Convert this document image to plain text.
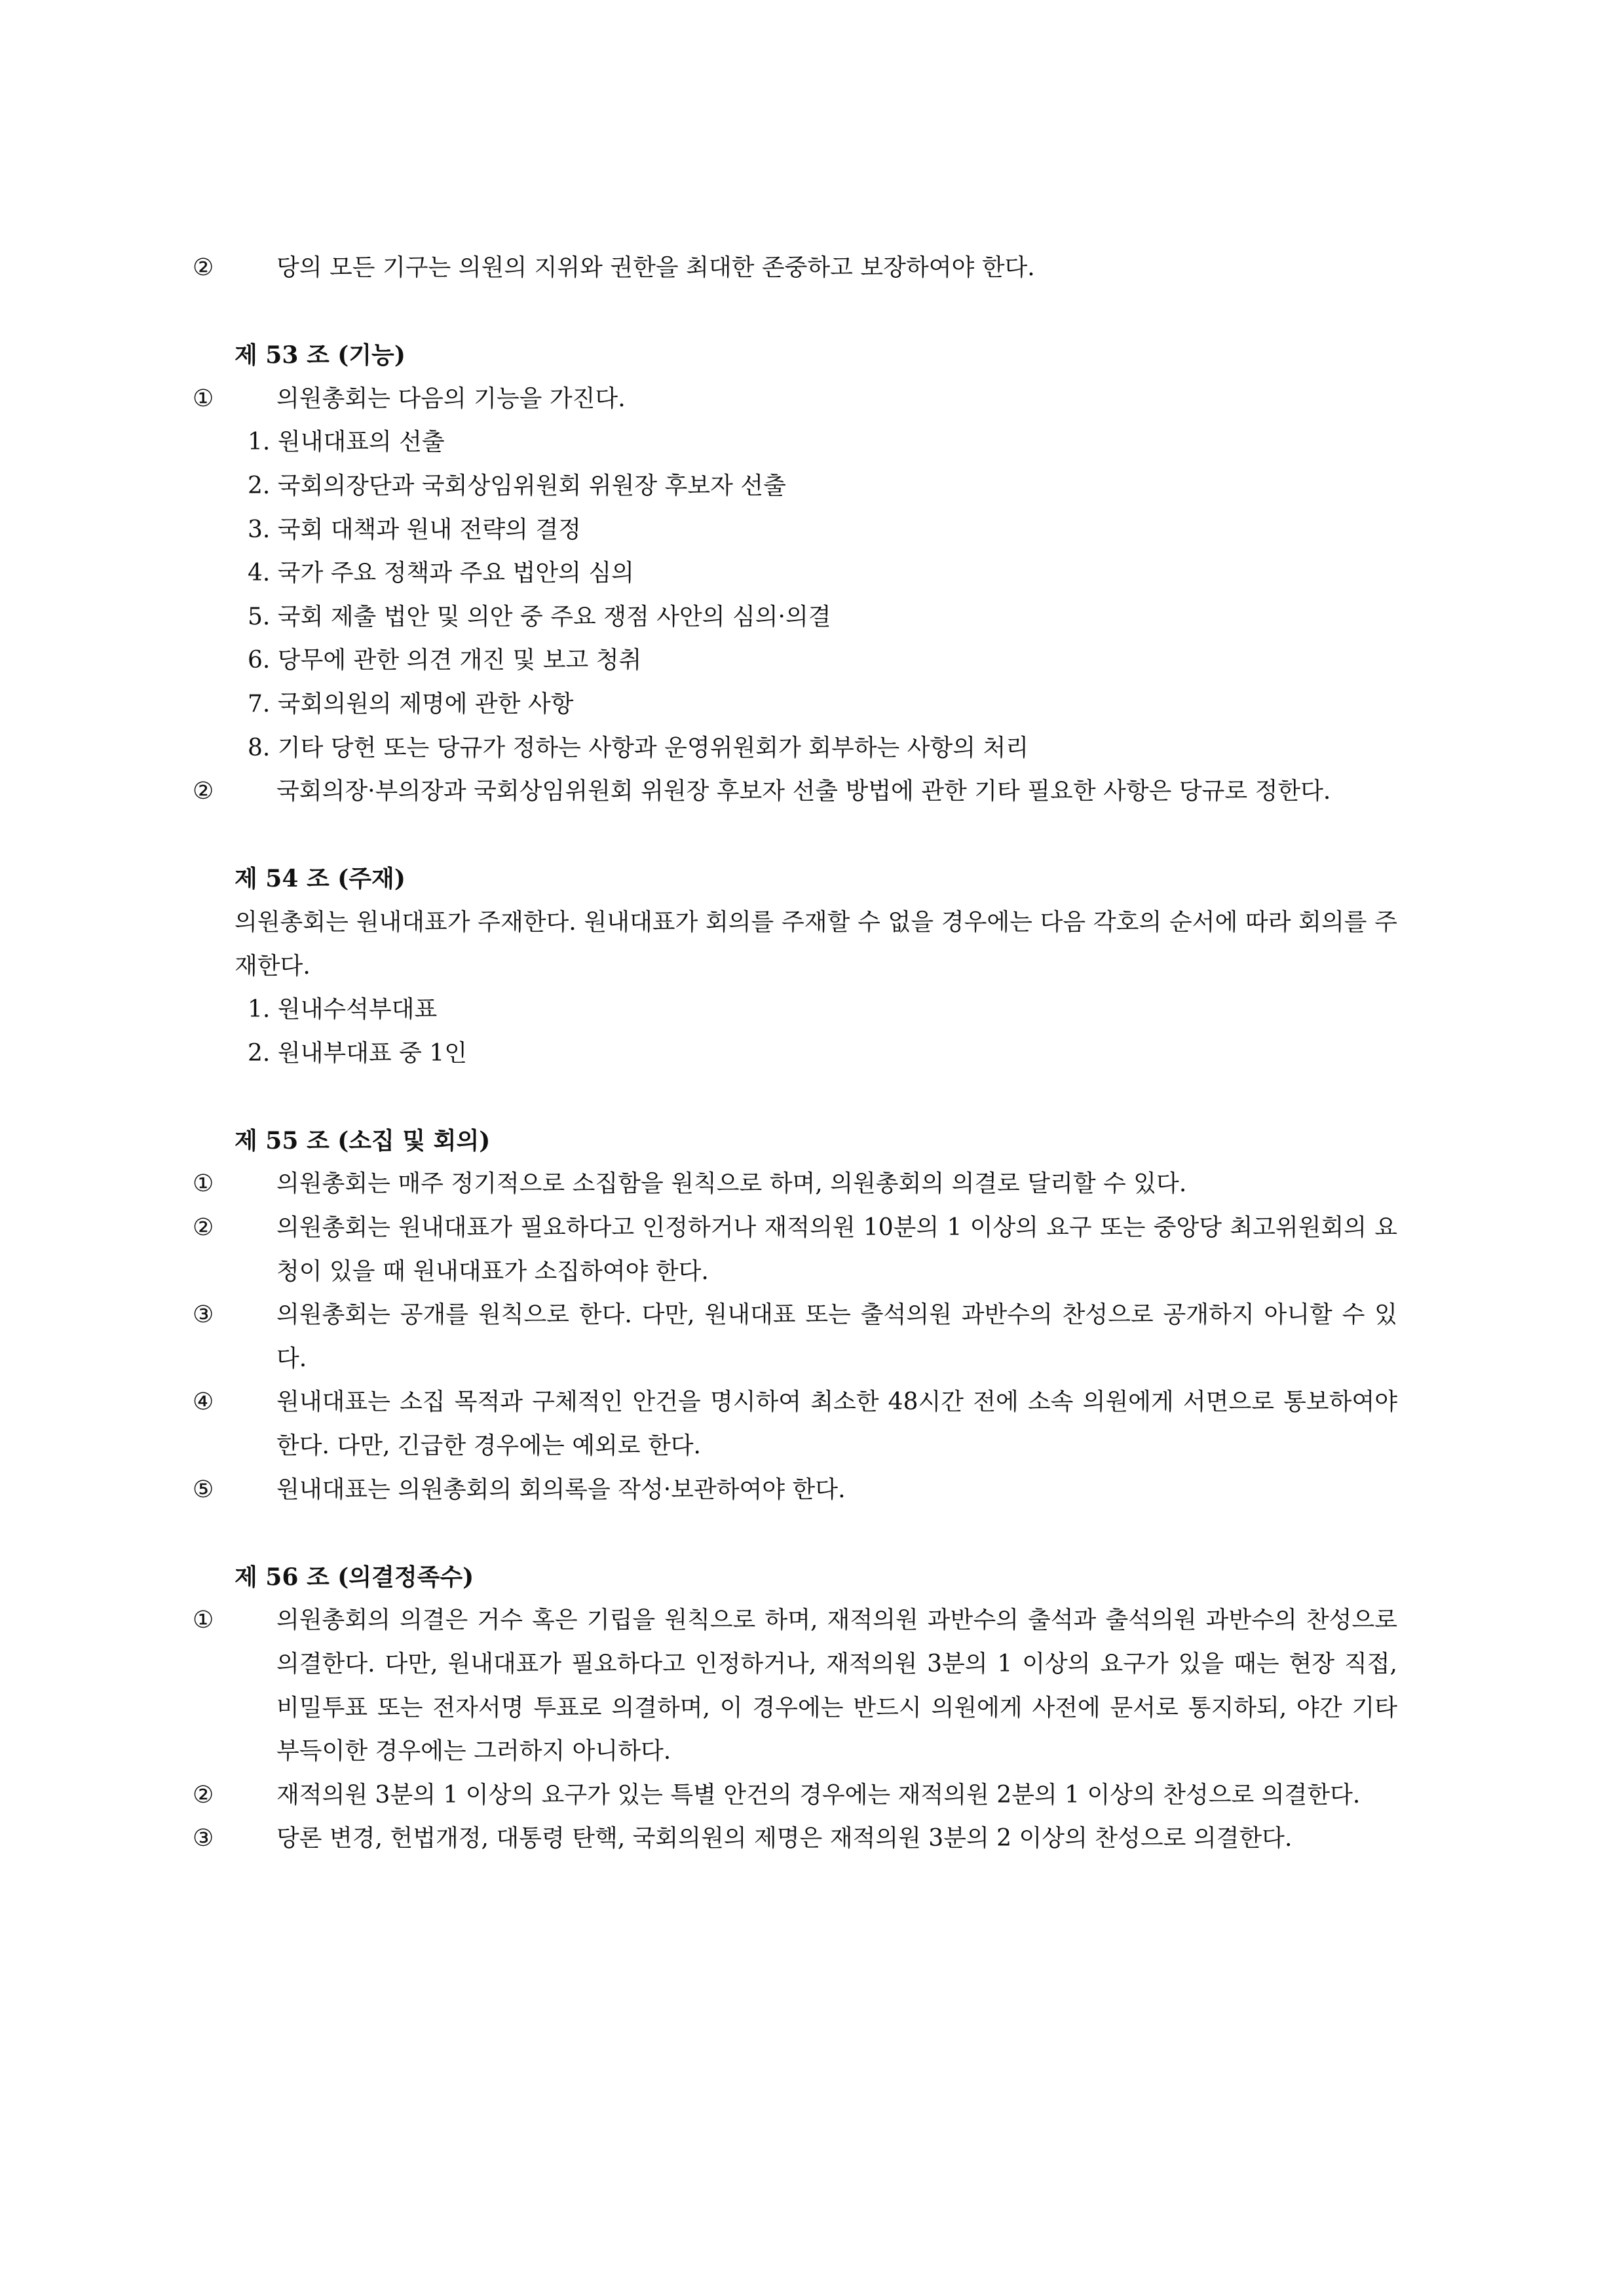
②	당의 모든 기구는 의원의 지위와 권한을 최대한 존중하고 보장하여야 한다.
제 53 조 (기능)
①	의원총회는 다음의 기능을 가진다.
1. 원내대표의 선출
2. 국회의장단과 국회상임위원회 위원장 후보자 선출
3. 국회 대책과 원내 전략의 결정
4. 국가 주요 정책과 주요 법안의 심의
5. 국회 제출 법안 및 의안 중 주요 쟁점 사안의 심의·의결
6. 당무에 관한 의견 개진 및 보고 청취
7. 국회의원의 제명에 관한 사항
8. 기타 당헌 또는 당규가 정하는 사항과 운영위원회가 회부하는 사항의 처리
②	국회의장·부의장과 국회상임위원회 위원장 후보자 선출 방법에 관한 기타 필요한 사항은 당규로 정한다.
제 54 조 (주재)
의원총회는 원내대표가 주재한다. 원내대표가 회의를 주재할 수 없을 경우에는 다음 각호의 순서에 따라 회의를 주재한다.
1. 원내수석부대표
2. 원내부대표 중 1인
제 55 조 (소집 및 회의)
①	의원총회는 매주 정기적으로 소집함을 원칙으로 하며, 의원총회의 의결로 달리할 수 있다.
②	의원총회는 원내대표가 필요하다고 인정하거나 재적의원 10분의 1 이상의 요구 또는 중앙당 최고위원회의 요청이 있을 때 원내대표가 소집하여야 한다.
③	의원총회는 공개를 원칙으로 한다. 다만, 원내대표 또는 출석의원 과반수의 찬성으로 공개하지 아니할 수 있다.
④	원내대표는 소집 목적과 구체적인 안건을 명시하여 최소한 48시간 전에 소속 의원에게 서면으로 통보하여야 한다. 다만, 긴급한 경우에는 예외로 한다.
⑤	원내대표는 의원총회의 회의록을 작성·보관하여야 한다.
제 56 조 (의결정족수)
①	의원총회의 의결은 거수 혹은 기립을 원칙으로 하며, 재적의원 과반수의 출석과 출석의원 과반수의 찬성으로 의결한다. 다만, 원내대표가 필요하다고 인정하거나, 재적의원 3분의 1 이상의 요구가 있을 때는 현장 직접, 비밀투표 또는 전자서명 투표로 의결하며, 이 경우에는 반드시 의원에게 사전에 문서로 통지하되, 야간 기타 부득이한 경우에는 그러하지 아니하다.
②	재적의원 3분의 1 이상의 요구가 있는 특별 안건의 경우에는 재적의원 2분의 1 이상의 찬성으로 의결한다.
③	당론 변경, 헌법개정, 대통령 탄핵, 국회의원의 제명은 재적의원 3분의 2 이상의 찬성으로 의결한다.
